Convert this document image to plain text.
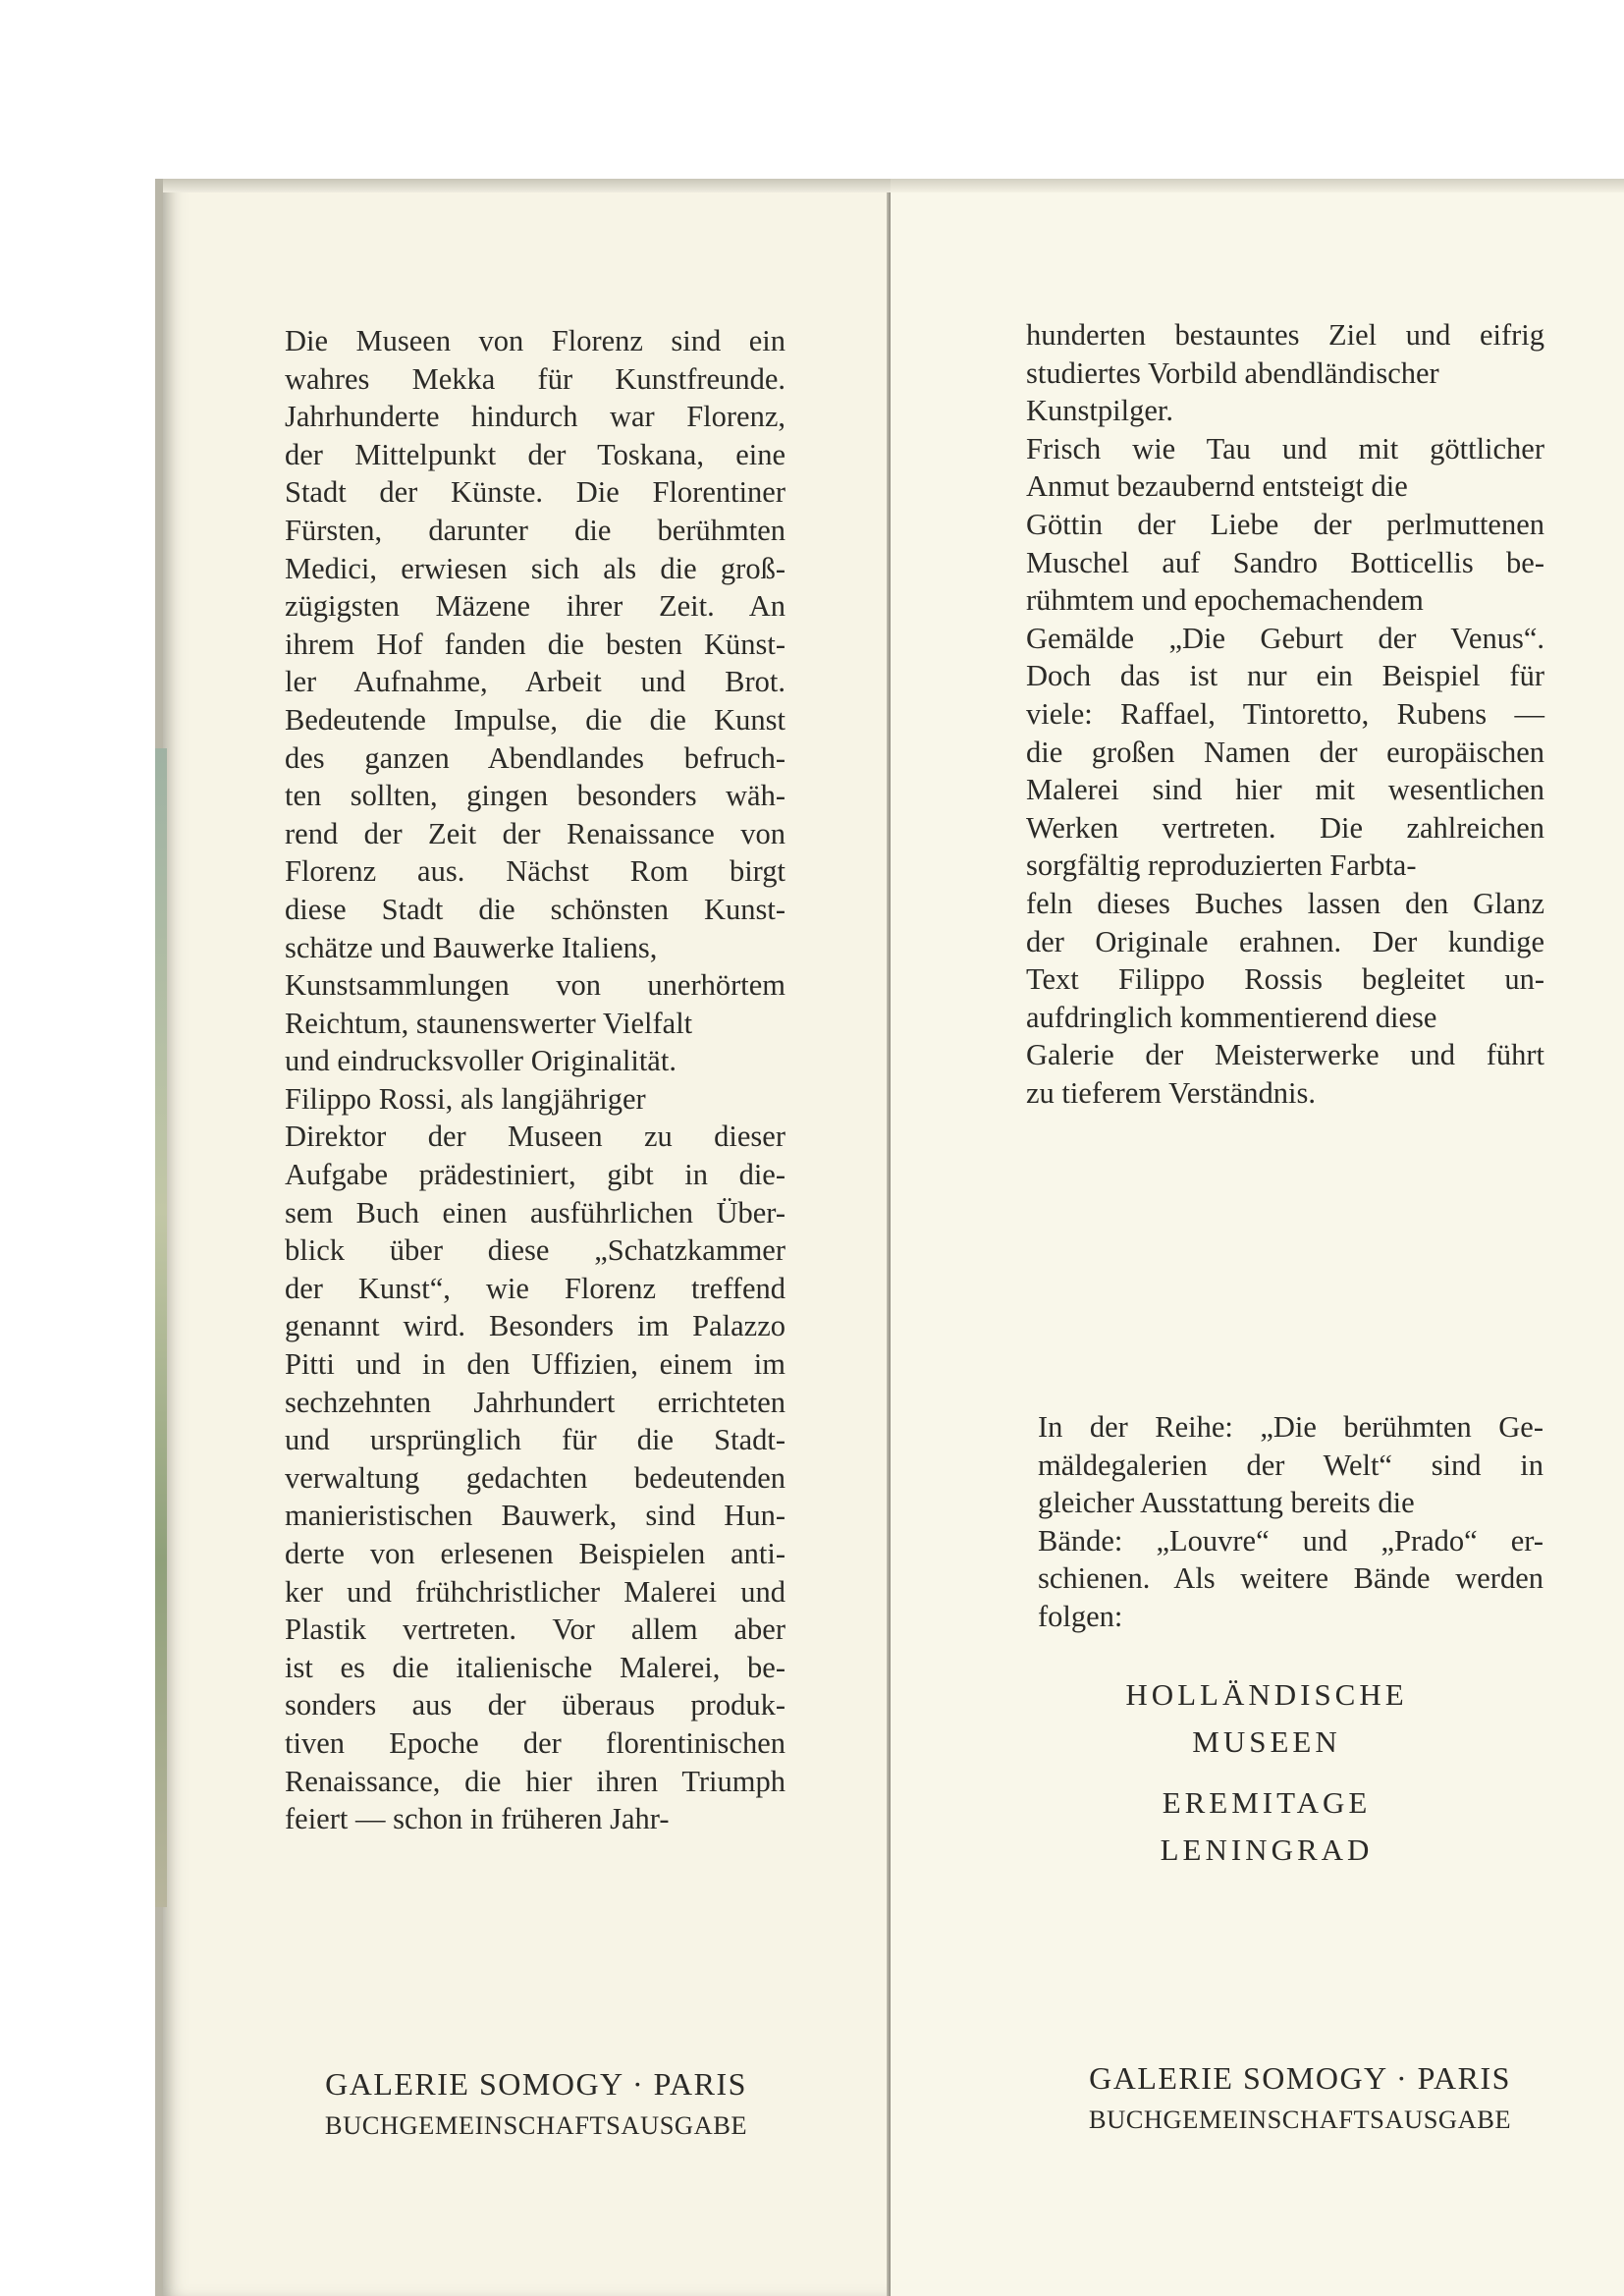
Die Museen von Florenz sind ein
wahres Mekka für Kunstfreunde.
Jahrhunderte hindurch war Florenz,
der Mittelpunkt der Toskana, eine
Stadt der Künste. Die Florentiner
Fürsten, darunter die berühmten
Medici, erwiesen sich als die groß-
zügigsten Mäzene ihrer Zeit. An
ihrem Hof fanden die besten Künst-
ler Aufnahme, Arbeit und Brot.
Bedeutende Impulse, die die Kunst
des ganzen Abendlandes befruch-
ten sollten, gingen besonders wäh-
rend der Zeit der Renaissance von
Florenz aus. Nächst Rom birgt
diese Stadt die schönsten Kunst-
schätze und Bauwerke Italiens,
Kunstsammlungen von unerhörtem
Reichtum, staunenswerter Vielfalt
und eindrucksvoller Originalität.
Filippo Rossi, als langjähriger
Direktor der Museen zu dieser
Aufgabe prädestiniert, gibt in die-
sem Buch einen ausführlichen Über-
blick über diese „Schatzkammer
der Kunst“, wie Florenz treffend
genannt wird. Besonders im Palazzo
Pitti und in den Uffizien, einem im
sechzehnten Jahrhundert errichteten
und ursprünglich für die Stadt-
verwaltung gedachten bedeutenden
manieristischen Bauwerk, sind Hun-
derte von erlesenen Beispielen anti-
ker und frühchristlicher Malerei und
Plastik vertreten. Vor allem aber
ist es die italienische Malerei, be-
sonders aus der überaus produk-
tiven Epoche der florentinischen
Renaissance, die hier ihren Triumph
feiert — schon in früheren Jahr-
hunderten bestauntes Ziel und eifrig
studiertes Vorbild abendländischer
Kunstpilger.
Frisch wie Tau und mit göttlicher
Anmut bezaubernd entsteigt die
Göttin der Liebe der perlmuttenen
Muschel auf Sandro Botticellis be-
rühmtem und epochemachendem
Gemälde „Die Geburt der Venus“.
Doch das ist nur ein Beispiel für
viele: Raffael, Tintoretto, Rubens —
die großen Namen der europäischen
Malerei sind hier mit wesentlichen
Werken vertreten. Die zahlreichen
sorgfältig reproduzierten Farbta-
feln dieses Buches lassen den Glanz
der Originale erahnen. Der kundige
Text Filippo Rossis begleitet un-
aufdringlich kommentierend diese
Galerie der Meisterwerke und führt
zu tieferem Verständnis.
In der Reihe: „Die berühmten Ge-
mäldegalerien der Welt“ sind in
gleicher Ausstattung bereits die
Bände: „Louvre“ und „Prado“ er-
schienen. Als weitere Bände werden
folgen:
HOLLÄNDISCHE
MUSEEN
EREMITAGE
LENINGRAD
GALERIE SOMOGY · PARIS
BUCHGEMEINSCHAFTSAUSGABE
GALERIE SOMOGY · PARIS
BUCHGEMEINSCHAFTSAUSGABE
